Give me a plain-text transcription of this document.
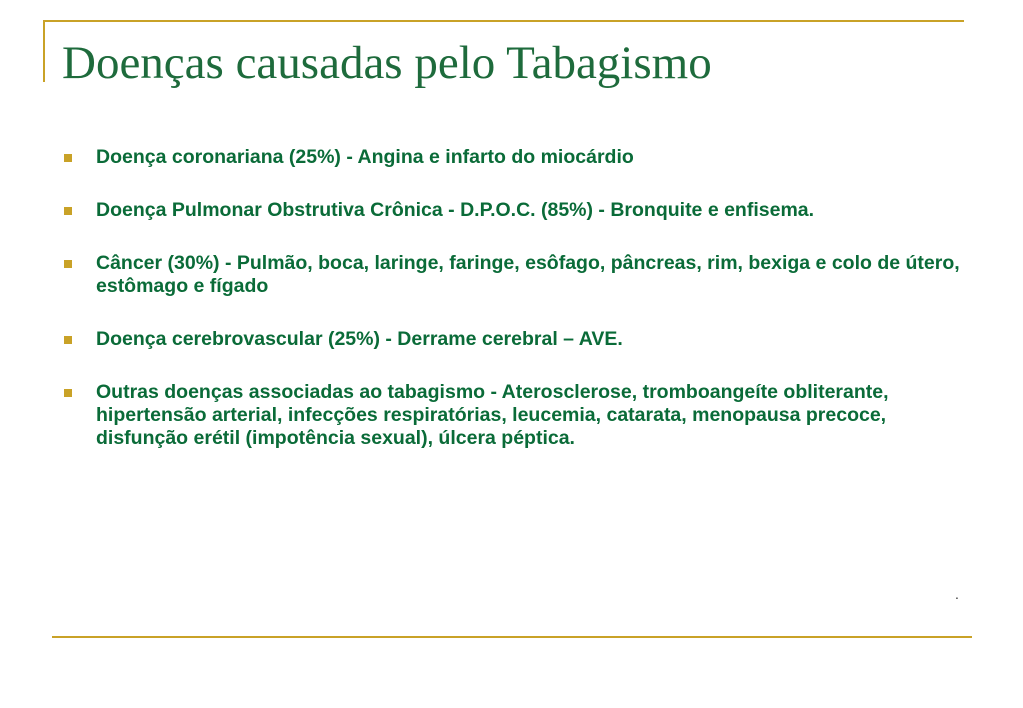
Doenças causadas pelo Tabagismo
Doença coronariana (25%) - Angina e infarto do miocárdio
Doença Pulmonar Obstrutiva Crônica - D.P.O.C. (85%) - Bronquite e enfisema.
Câncer (30%) - Pulmão, boca, laringe, faringe, esôfago, pâncreas, rim, bexiga e colo de útero, estômago e fígado
Doença cerebrovascular (25%) - Derrame cerebral – AVE.
Outras doenças associadas ao tabagismo - Aterosclerose, tromboangeíte obliterante, hipertensão arterial, infecções respiratórias, leucemia, catarata, menopausa precoce, disfunção erétil (impotência sexual), úlcera péptica.
.
